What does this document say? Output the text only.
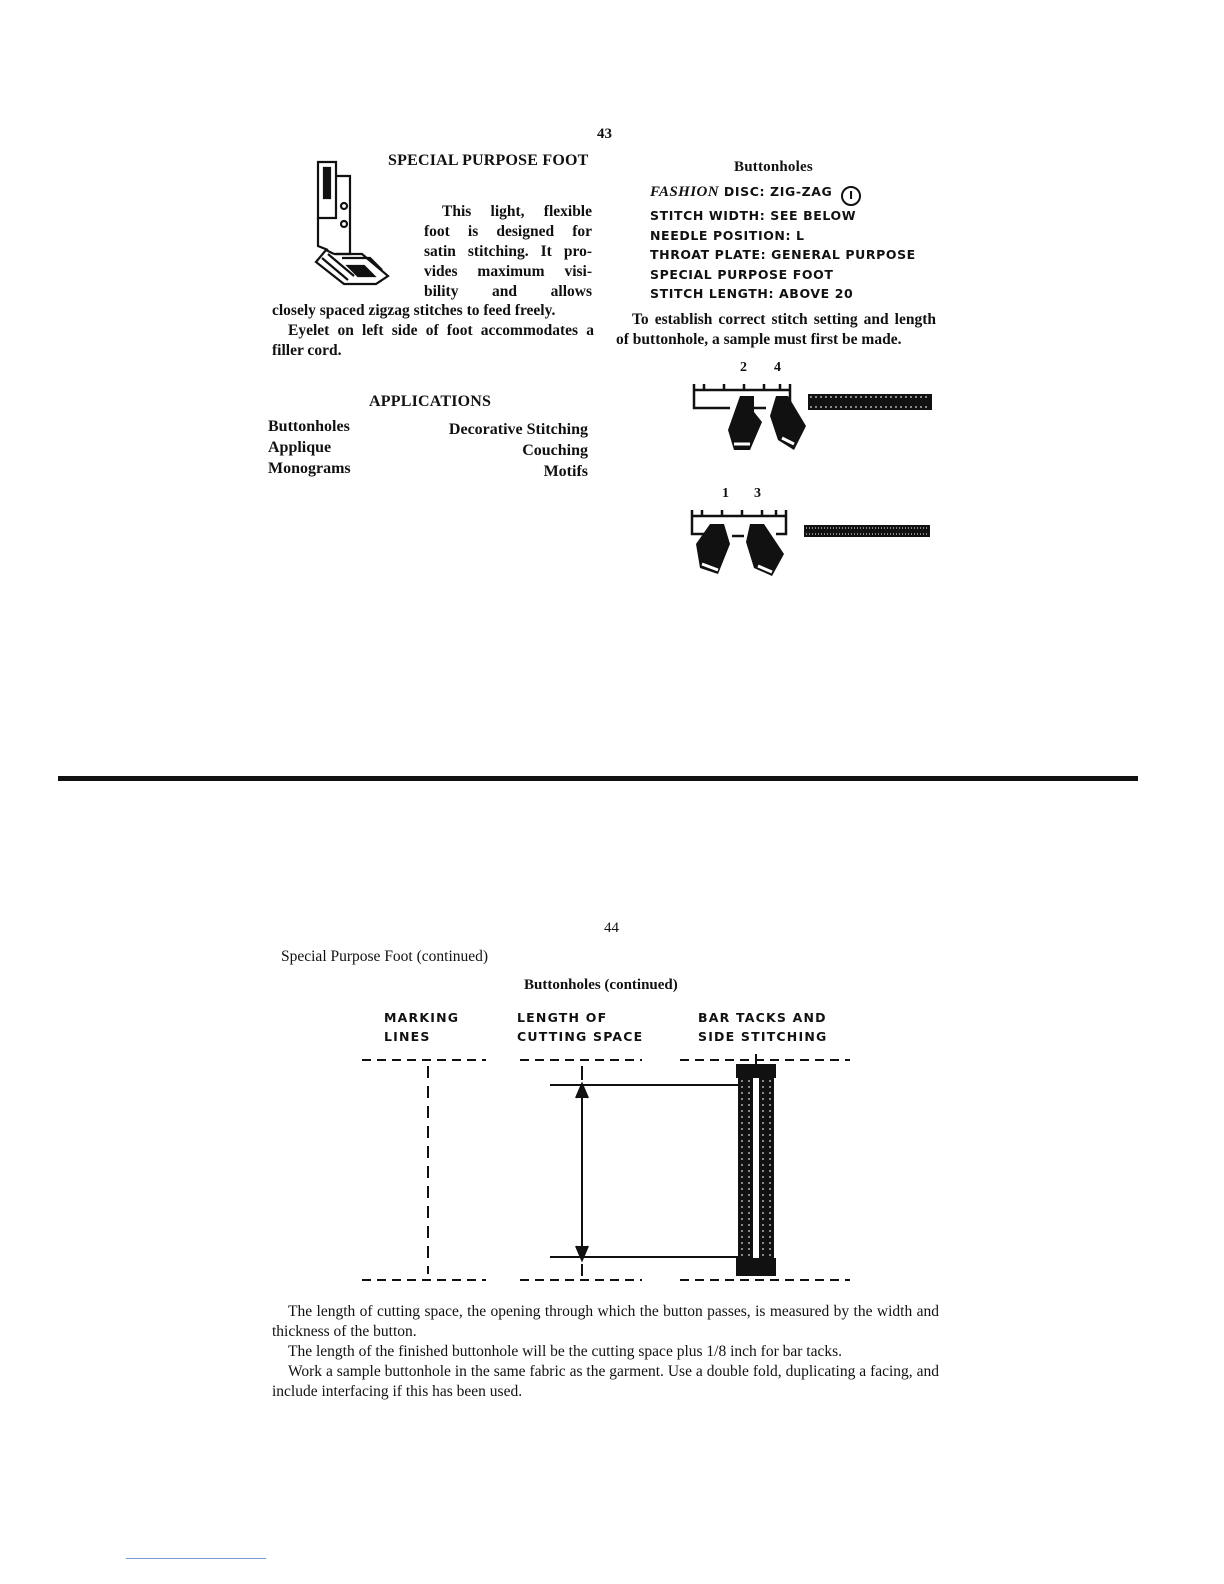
43
SPECIAL PURPOSE FOOT
This light, flexible
foot is designed for
satin stitching. It pro-
vides maximum visi-
bility and allows

closely spaced zigzag stitches to feed freely.

Eyelet on left side of foot accommodates a filler cord.

APPLICATIONS
Buttonholes
Applique
Monograms
Decorative Stitching
Couching
Motifs
Buttonholes
FASHION DISC: ZIG-ZAG I
STITCH WIDTH: SEE BELOW
NEEDLE POSITION: L
THROAT PLATE: GENERAL PURPOSE
SPECIAL PURPOSE FOOT
STITCH LENGTH: ABOVE 20

To establish correct stitch setting and length of buttonhole, a sample must first be made.

2 4
1 3
44
Special Purpose Foot (continued)
Buttonholes (continued)
MARKING
LINES
LENGTH OF
CUTTING SPACE
BAR TACKS AND
SIDE STITCHING

The length of cutting space, the opening through which the button passes, is measured by the width and thickness of the button.

The length of the finished buttonhole will be the cutting space plus 1/8 inch for bar tacks.

Work a sample buttonhole in the same fabric as the garment. Use a double fold, duplicating a facing, and include interfacing if this has been used.
